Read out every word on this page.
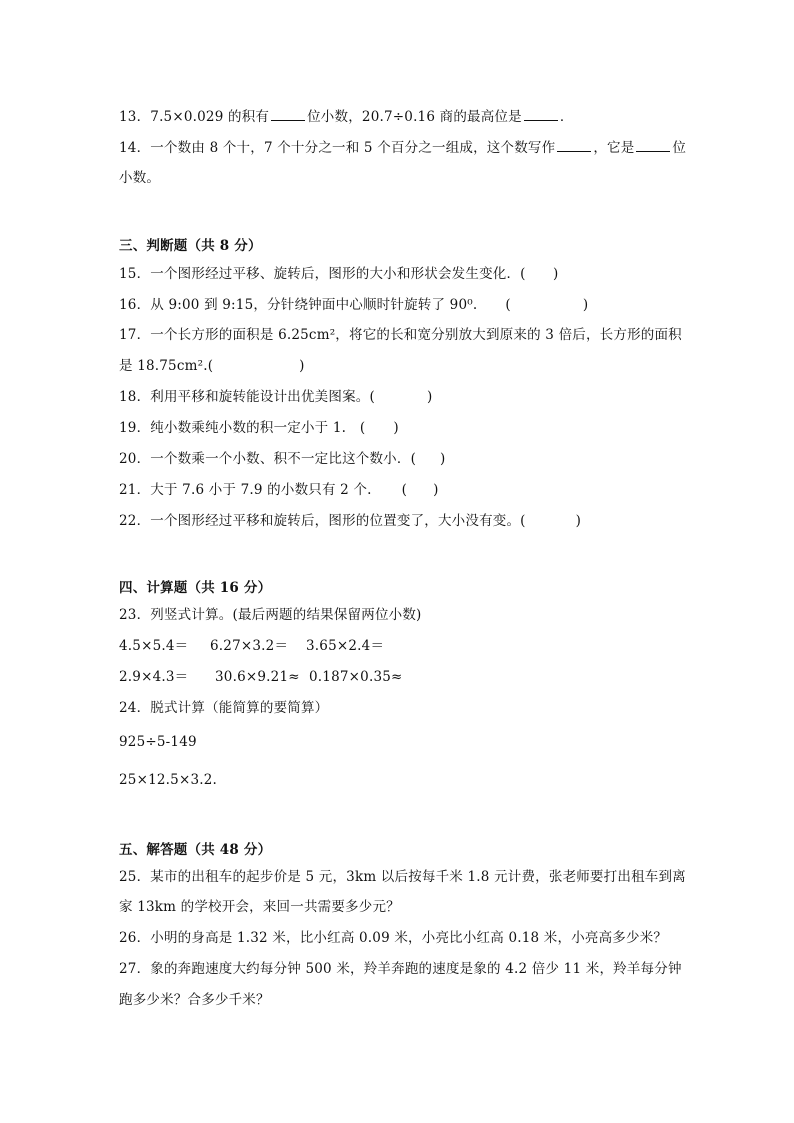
13．7.5×0.029 的积有	位小数，20.7÷0.16 商的最高位是	．
14．一个数由 8 个十，7 个十分之一和 5 个百分之一组成，这个数写作	，它是	位
小数。
三、判断题（共 8 分）
15．一个图形经过平移、旋转后，图形的大小和形状会发生变化．(　　)
16．从 9:00 到 9:15，分针绕钟面中心顺时针旋转了 90⁰. (	)
17．一个长方形的面积是 6.25cm²，将它的长和宽分别放大到原来的 3 倍后，长方形的面积
是 18.75cm².(	)
18．利用平移和旋转能设计出优美图案。(	)
19．纯小数乘纯小数的积一定小于 1.　( )
20．一个数乘一个小数、积不一定比这个数小．( )
21．大于 7.6 小于 7.9 的小数只有 2 个. ( )
22．一个图形经过平移和旋转后，图形的位置变了，大小没有变。(	)
四、计算题（共 16 分）
23．列竖式计算。(最后两题的结果保留两位小数)
4.5×5.4＝ 6.27×3.2＝ 3.65×2.4＝
2.9×4.3＝ 30.6×9.21≈ 0.187×0.35≈
24．脱式计算（能简算的要简算）
925÷5-149
25×12.5×3.2.
五、解答题（共 48 分）
25．某市的出租车的起步价是 5 元，3km 以后按每千米 1.8 元计费，张老师要打出租车到离
家 13km 的学校开会，来回一共需要多少元？
26．小明的身高是 1.32 米，比小红高 0.09 米，小亮比小红高 0.18 米，小亮高多少米？
27．象的奔跑速度大约每分钟 500 米，羚羊奔跑的速度是象的 4.2 倍少 11 米，羚羊每分钟
跑多少米？合多少千米？
